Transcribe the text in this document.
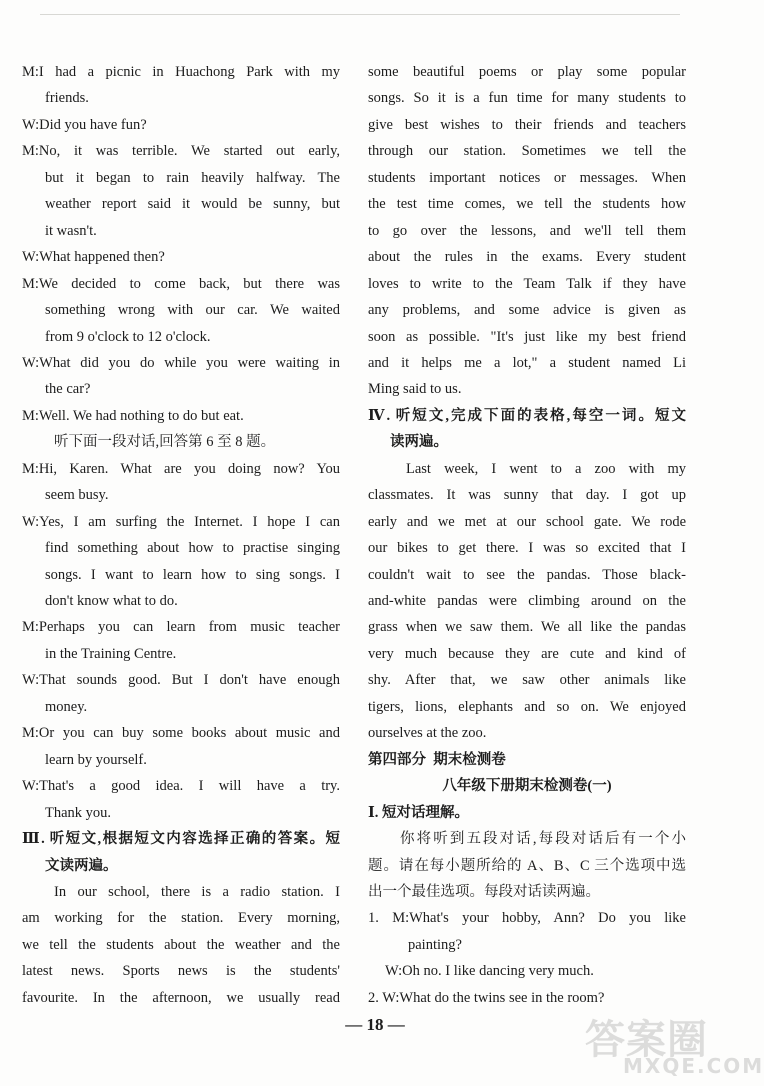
M:I had a picnic in Huachong Park with my
friends.
W:Did you have fun?
M:No, it was terrible. We started out early,
but it began to rain heavily halfway. The
weather report said it would be sunny, but
it wasn't.
W:What happened then?
M:We decided to come back, but there was
something wrong with our car. We waited
from 9 o'clock to 12 o'clock.
W:What did you do while you were waiting in
the car?
M:Well. We had nothing to do but eat.
听下面一段对话,回答第 6 至 8 题。
M:Hi, Karen. What are you doing now? You
seem busy.
W:Yes, I am surfing the Internet. I hope I can
find something about how to practise singing
songs. I want to learn how to sing songs. I
don't know what to do.
M:Perhaps you can learn from music teacher
in the Training Centre.
W:That sounds good. But I don't have enough
money.
M:Or you can buy some books about music and
learn by yourself.
W:That's a good idea. I will have a try.
Thank you.
Ⅲ. 听短文,根据短文内容选择正确的答案。短
文读两遍。
In our school, there is a radio station. I
am working for the station. Every morning,
we tell the students about the weather and the
latest news. Sports news is the students'
favourite. In the afternoon, we usually read
some beautiful poems or play some popular
songs. So it is a fun time for many students to
give best wishes to their friends and teachers
through our station. Sometimes we tell the
students important notices or messages. When
the test time comes, we tell the students how
to go over the lessons, and we'll tell them
about the rules in the exams. Every student
loves to write to the Team Talk if they have
any problems, and some advice is given as
soon as possible. "It's just like my best friend
and it helps me a lot," a student named Li
Ming said to us.
Ⅳ. 听短文,完成下面的表格,每空一词。短文
读两遍。
Last week, I went to a zoo with my
classmates. It was sunny that day. I got up
early and we met at our school gate. We rode
our bikes to get there. I was so excited that I
couldn't wait to see the pandas. Those black-
and-white pandas were climbing around on the
grass when we saw them. We all like the pandas
very much because they are cute and kind of
shy. After that, we saw other animals like
tigers, lions, elephants and so on. We enjoyed
ourselves at the zoo.
第四部分  期末检测卷
八年级下册期末检测卷(一)
Ⅰ. 短对话理解。
你将听到五段对话,每段对话后有一个小
题。请在每小题所给的 A、B、C 三个选项中选
出一个最佳选项。每段对话读两遍。
1. M:What's your hobby, Ann? Do you like
painting?
W:Oh no. I like dancing very much.
2. W:What do the twins see in the room?
— 18 —	答案圈
MXQE.COM
